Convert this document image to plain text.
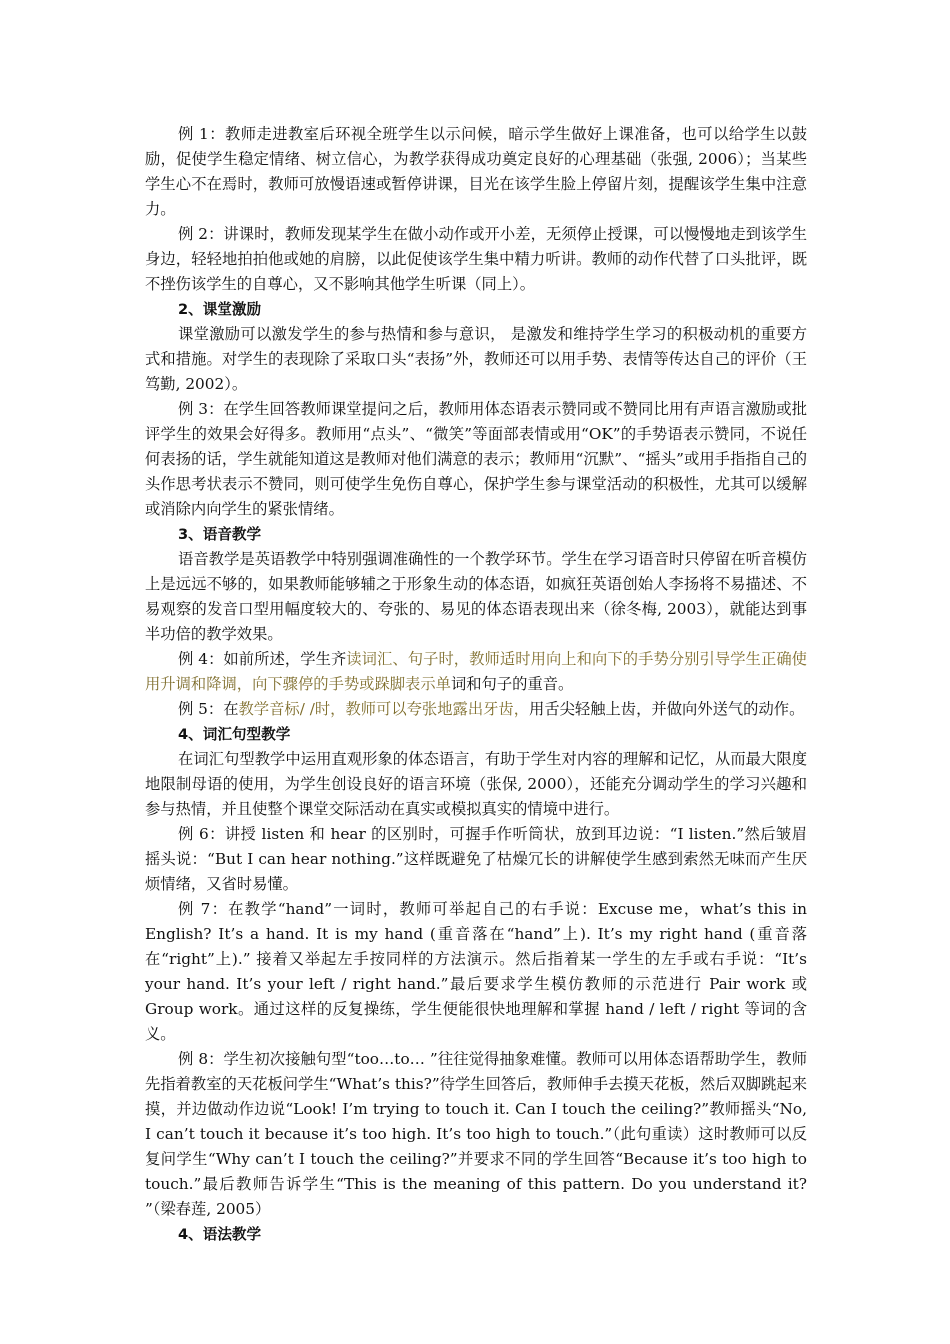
例 1：教师走进教室后环视全班学生以示问候，暗示学生做好上课准备，也可以给学生以鼓励，促使学生稳定情绪、树立信心，为教学获得成功奠定良好的心理基础（张强, 2006）；当某些学生心不在焉时，教师可放慢语速或暂停讲课，目光在该学生脸上停留片刻，提醒该学生集中注意力。

例 2：讲课时，教师发现某学生在做小动作或开小差，无须停止授课，可以慢慢地走到该学生身边，轻轻地拍拍他或她的肩膀，以此促使该学生集中精力听讲。教师的动作代替了口头批评，既不挫伤该学生的自尊心，又不影响其他学生听课（同上）。

2、课堂激励

课堂激励可以激发学生的参与热情和参与意识， 是激发和维持学生学习的积极动机的重要方式和措施。对学生的表现除了采取口头“表扬”外，教师还可以用手势、表情等传达自己的评价（王笃勤, 2002）。

例 3：在学生回答教师课堂提问之后，教师用体态语表示赞同或不赞同比用有声语言激励或批评学生的效果会好得多。教师用“点头”、“微笑”等面部表情或用“OK”的手势语表示赞同，不说任何表扬的话，学生就能知道这是教师对他们满意的表示；教师用“沉默”、“摇头”或用手指指自己的头作思考状表示不赞同，则可使学生免伤自尊心，保护学生参与课堂活动的积极性，尤其可以缓解或消除内向学生的紧张情绪。

3、语音教学

语音教学是英语教学中特别强调准确性的一个教学环节。学生在学习语音时只停留在听音模仿上是远远不够的，如果教师能够辅之于形象生动的体态语，如疯狂英语创始人李扬将不易描述、不易观察的发音口型用幅度较大的、夸张的、易见的体态语表现出来（徐冬梅, 2003），就能达到事半功倍的教学效果。

例 4：如前所述，学生齐读词汇、句子时，教师适时用向上和向下的手势分别引导学生正确使用升调和降调，向下骤停的手势或跺脚表示单词和句子的重音。

例 5：在教学音标/ /时，教师可以夸张地露出牙齿，用舌尖轻触上齿，并做向外送气的动作。

4、词汇句型教学

在词汇句型教学中运用直观形象的体态语言，有助于学生对内容的理解和记忆，从而最大限度地限制母语的使用，为学生创设良好的语言环境（张保, 2000），还能充分调动学生的学习兴趣和参与热情，并且使整个课堂交际活动在真实或模拟真实的情境中进行。

例 6：讲授 listen 和 hear 的区别时，可握手作听筒状，放到耳边说：“I listen.”然后皱眉摇头说：“But I can hear nothing.”这样既避免了枯燥冗长的讲解使学生感到索然无味而产生厌烦情绪，又省时易懂。

例 7：在教学“hand”一词时，教师可举起自己的右手说：Excuse me，what’s this in English? It’s a hand. It is my hand (重音落在“hand”上). It’s my right hand (重音落在“right”上).” 接着又举起左手按同样的方法演示。然后指着某一学生的左手或右手说：“It’s your hand. It’s your left / right hand.”最后要求学生模仿教师的示范进行 Pair work 或 Group work。通过这样的反复操练，学生便能很快地理解和掌握 hand / left / right 等词的含义。

例 8：学生初次接触句型“too…to… ”往往觉得抽象难懂。教师可以用体态语帮助学生，教师先指着教室的天花板问学生“What’s this?”待学生回答后，教师伸手去摸天花板，然后双脚跳起来摸，并边做动作边说“Look! I’m trying to touch it. Can I touch the ceiling?”教师摇头“No, I can’t touch it because it’s too high. It’s too high to touch.”（此句重读）这时教师可以反复问学生“Why can’t I touch the ceiling?”并要求不同的学生回答“Because it’s too high to touch.”最后教师告诉学生“This is the meaning of this pattern. Do you understand it? ”（梁春莲, 2005）

4、语法教学
